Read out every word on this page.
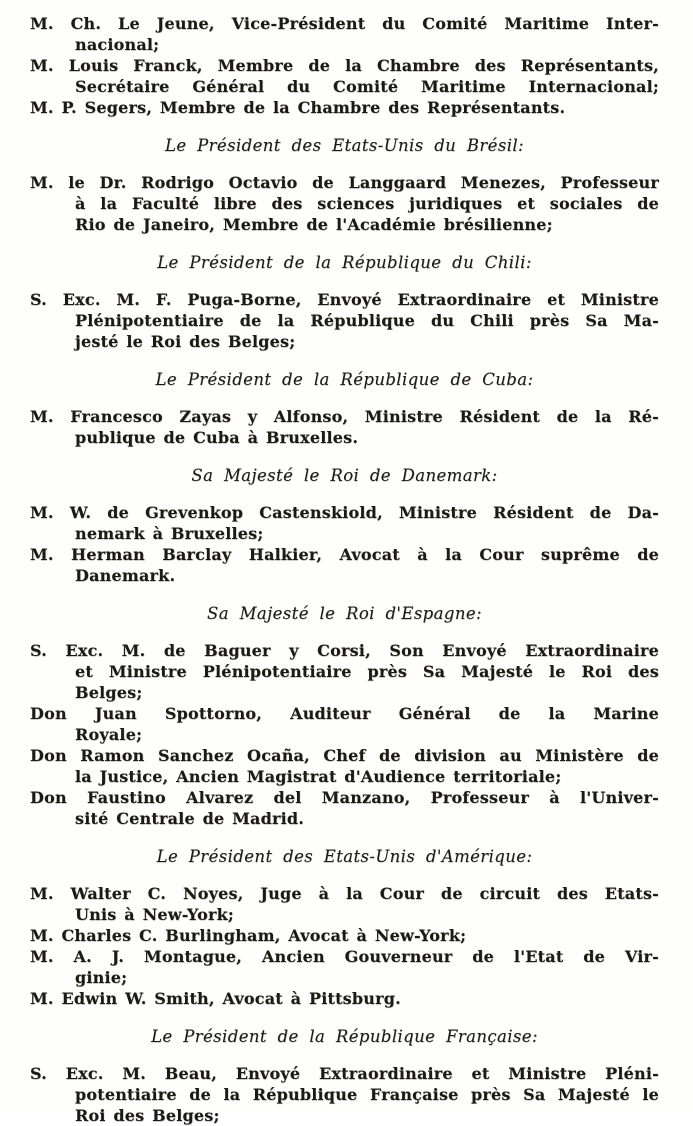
M. Ch. Le Jeune, Vice-Président du Comité Maritime Inter-
nacional;
M. Louis Franck, Membre de la Chambre des Représentants,
Secrétaire Général du Comité Maritime Internacional;
M. P. Segers, Membre de la Chambre des Représentants.
Le Président des Etats-Unis du Brésil:
M. le Dr. Rodrigo Octavio de Langgaard Menezes, Professeur
à la Faculté libre des sciences juridiques et sociales de
Rio de Janeiro, Membre de l'Académie brésilienne;
Le Président de la République du Chili:
S. Exc. M. F. Puga-Borne, Envoyé Extraordinaire et Ministre
Plénipotentiaire de la République du Chili près Sa Ma-
jesté le Roi des Belges;
Le Président de la République de Cuba:
M. Francesco Zayas y Alfonso, Ministre Résident de la Ré-
publique de Cuba à Bruxelles.
Sa Majesté le Roi de Danemark:
M. W. de Grevenkop Castenskiold, Ministre Résident de Da-
nemark à Bruxelles;
M. Herman Barclay Halkier, Avocat à la Cour suprême de
Danemark.
Sa Majesté le Roi d'Espagne:
S. Exc. M. de Baguer y Corsi, Son Envoyé Extraordinaire
et Ministre Plénipotentiaire près Sa Majesté le Roi des
Belges;
Don Juan Spottorno, Auditeur Général de la Marine
Royale;
Don Ramon Sanchez Ocaña, Chef de division au Ministère de
la Justice, Ancien Magistrat d'Audience territoriale;
Don Faustino Alvarez del Manzano, Professeur à l'Univer-
sité Centrale de Madrid.
Le Président des Etats-Unis d'Amérique:
M. Walter C. Noyes, Juge à la Cour de circuit des Etats-
Unis à New-York;
M. Charles C. Burlingham, Avocat à New-York;
M. A. J. Montague, Ancien Gouverneur de l'Etat de Vir-
ginie;
M. Edwin W. Smith, Avocat à Pittsburg.
Le Président de la République Française:
S. Exc. M. Beau, Envoyé Extraordinaire et Ministre Pléni-
potentiaire de la République Française près Sa Majesté le
Roi des Belges;
